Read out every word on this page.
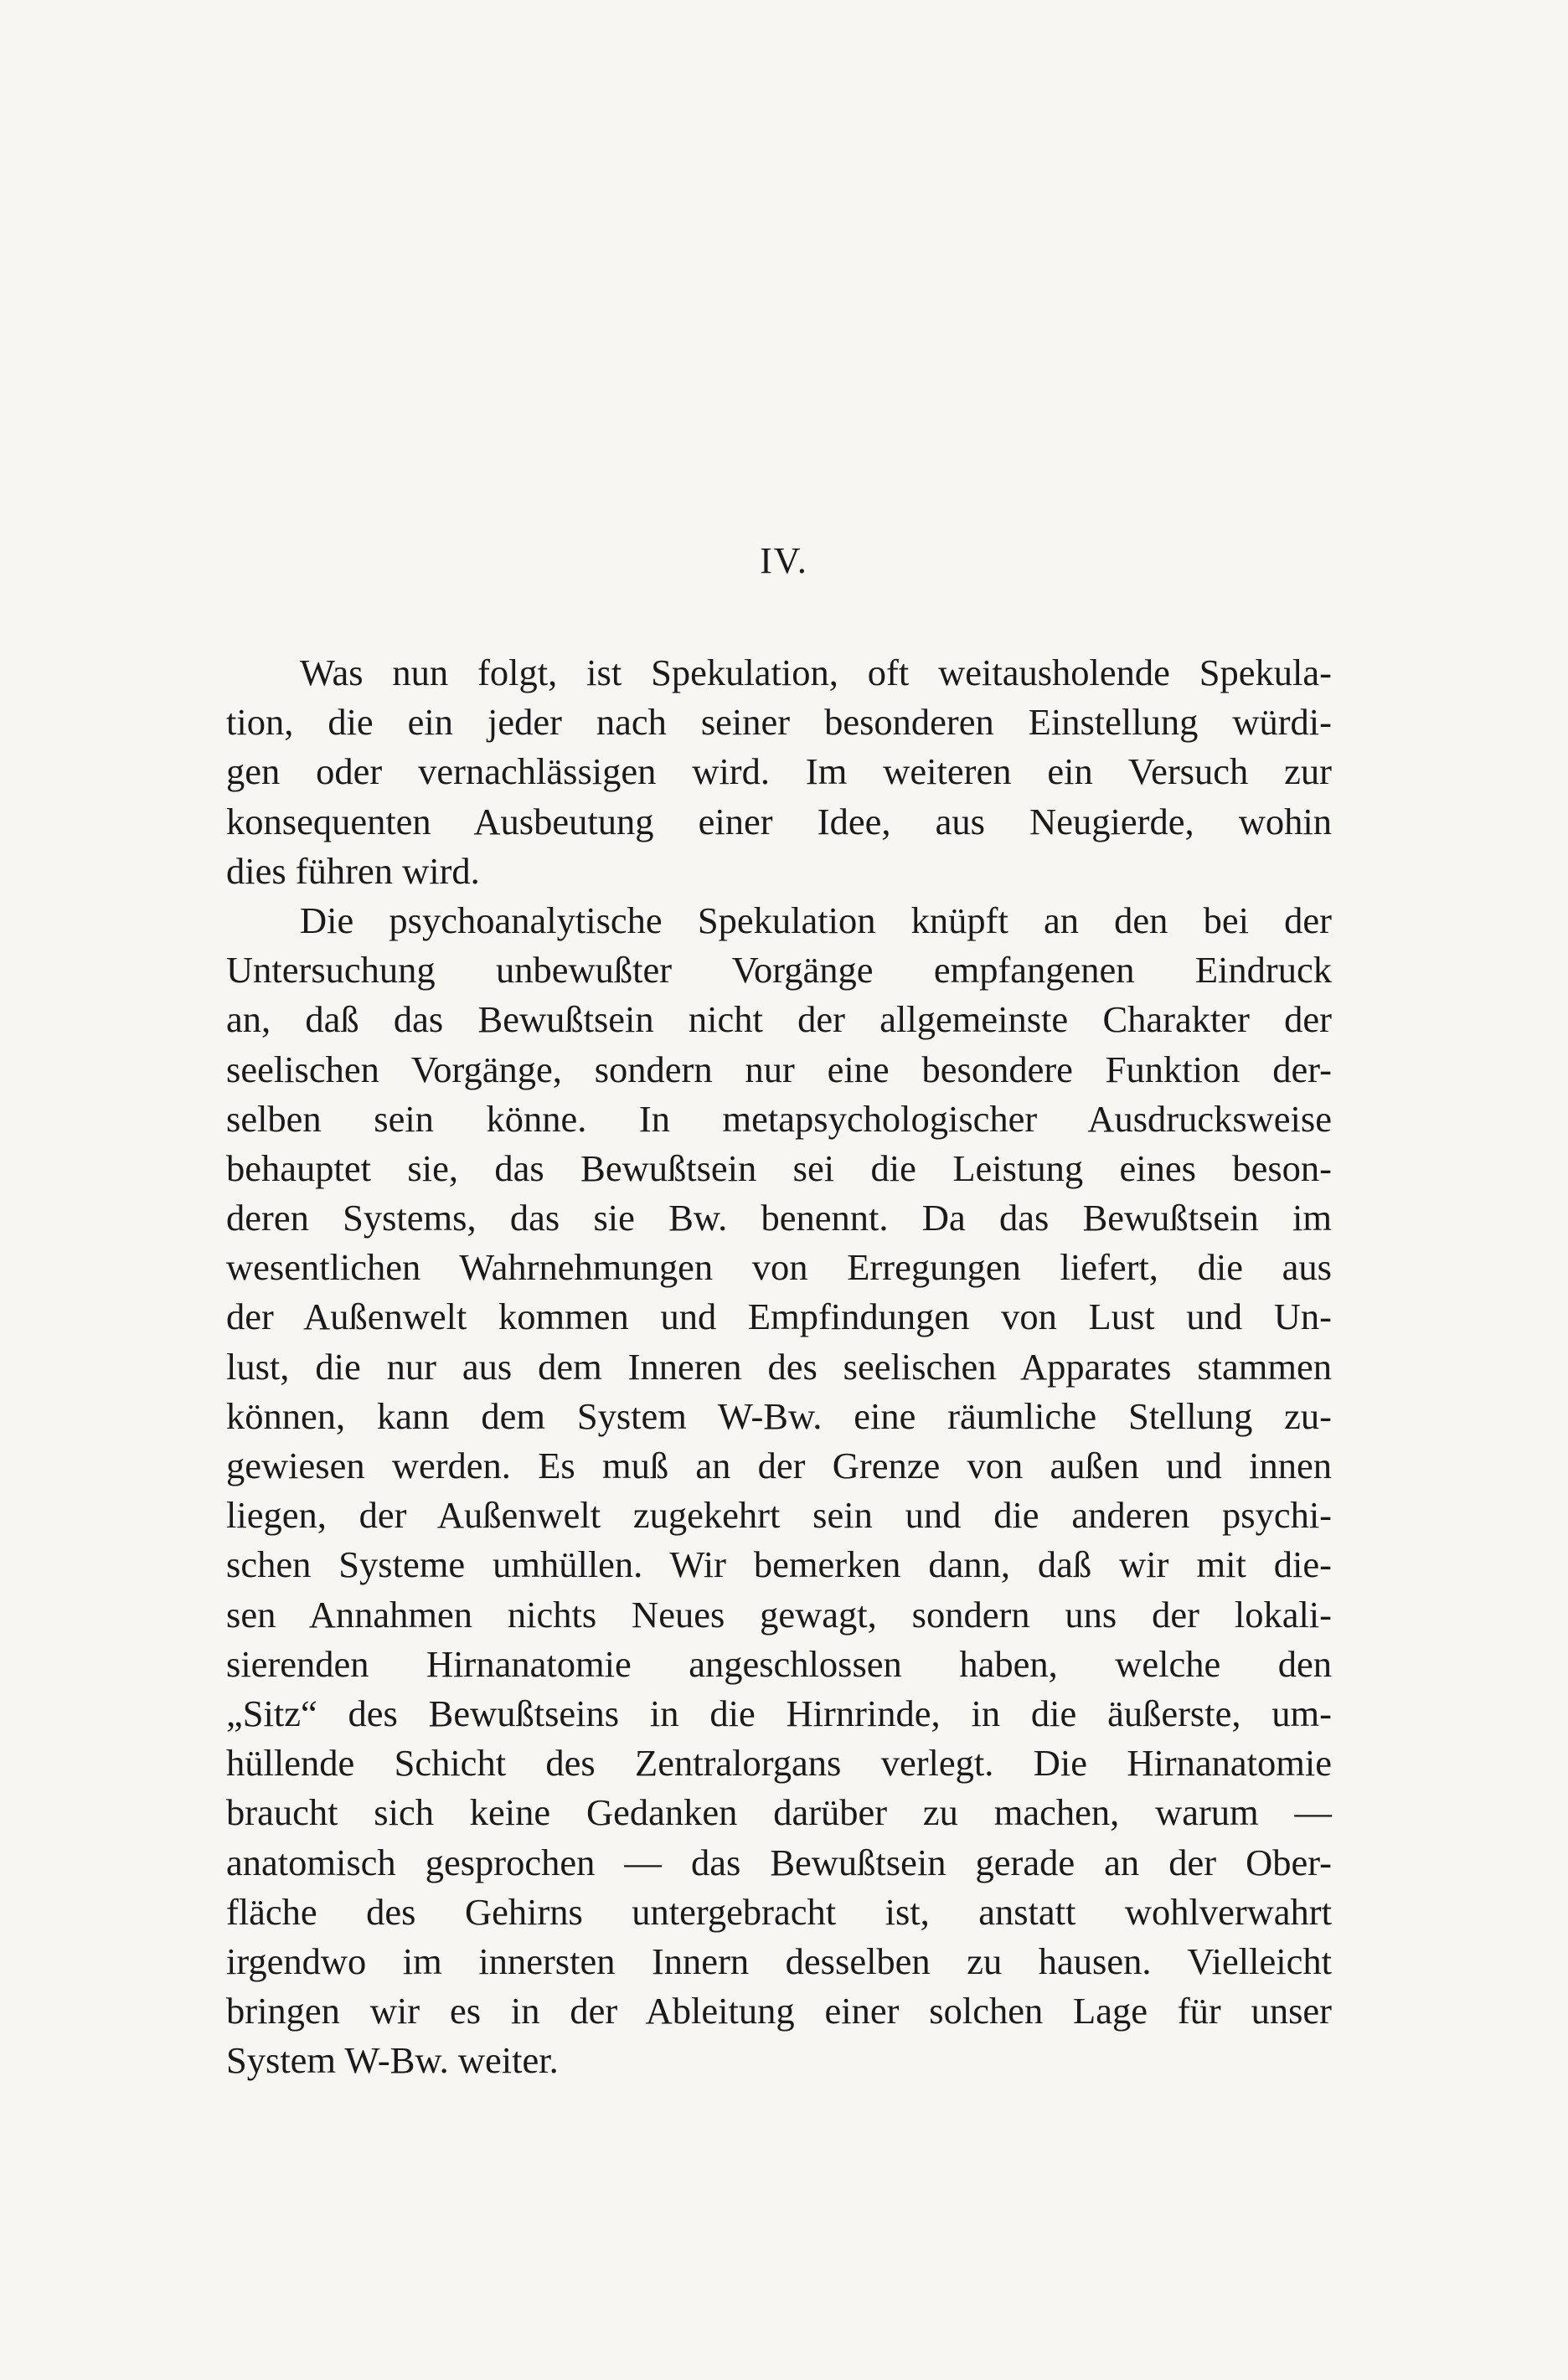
IV.
Was nun folgt, ist Spekulation, oft weitausholende Spekula-
tion, die ein jeder nach seiner besonderen Einstellung würdi-
gen oder vernachlässigen wird. Im weiteren ein Versuch zur
konsequenten Ausbeutung einer Idee, aus Neugierde, wohin
dies führen wird.
Die psychoanalytische Spekulation knüpft an den bei der
Untersuchung unbewußter Vorgänge empfangenen Eindruck
an, daß das Bewußtsein nicht der allgemeinste Charakter der
seelischen Vorgänge, sondern nur eine besondere Funktion der-
selben sein könne. In metapsychologischer Ausdrucksweise
behauptet sie, das Bewußtsein sei die Leistung eines beson-
deren Systems, das sie Bw. benennt. Da das Bewußtsein im
wesentlichen Wahrnehmungen von Erregungen liefert, die aus
der Außenwelt kommen und Empfindungen von Lust und Un-
lust, die nur aus dem Inneren des seelischen Apparates stammen
können, kann dem System W-Bw. eine räumliche Stellung zu-
gewiesen werden. Es muß an der Grenze von außen und innen
liegen, der Außenwelt zugekehrt sein und die anderen psychi-
schen Systeme umhüllen. Wir bemerken dann, daß wir mit die-
sen Annahmen nichts Neues gewagt, sondern uns der lokali-
sierenden Hirnanatomie angeschlossen haben, welche den
„Sitz“ des Bewußtseins in die Hirnrinde, in die äußerste, um-
hüllende Schicht des Zentralorgans verlegt. Die Hirnanatomie
braucht sich keine Gedanken darüber zu machen, warum —
anatomisch gesprochen — das Bewußtsein gerade an der Ober-
fläche des Gehirns untergebracht ist, anstatt wohlverwahrt
irgendwo im innersten Innern desselben zu hausen. Vielleicht
bringen wir es in der Ableitung einer solchen Lage für unser
System W-Bw. weiter.
